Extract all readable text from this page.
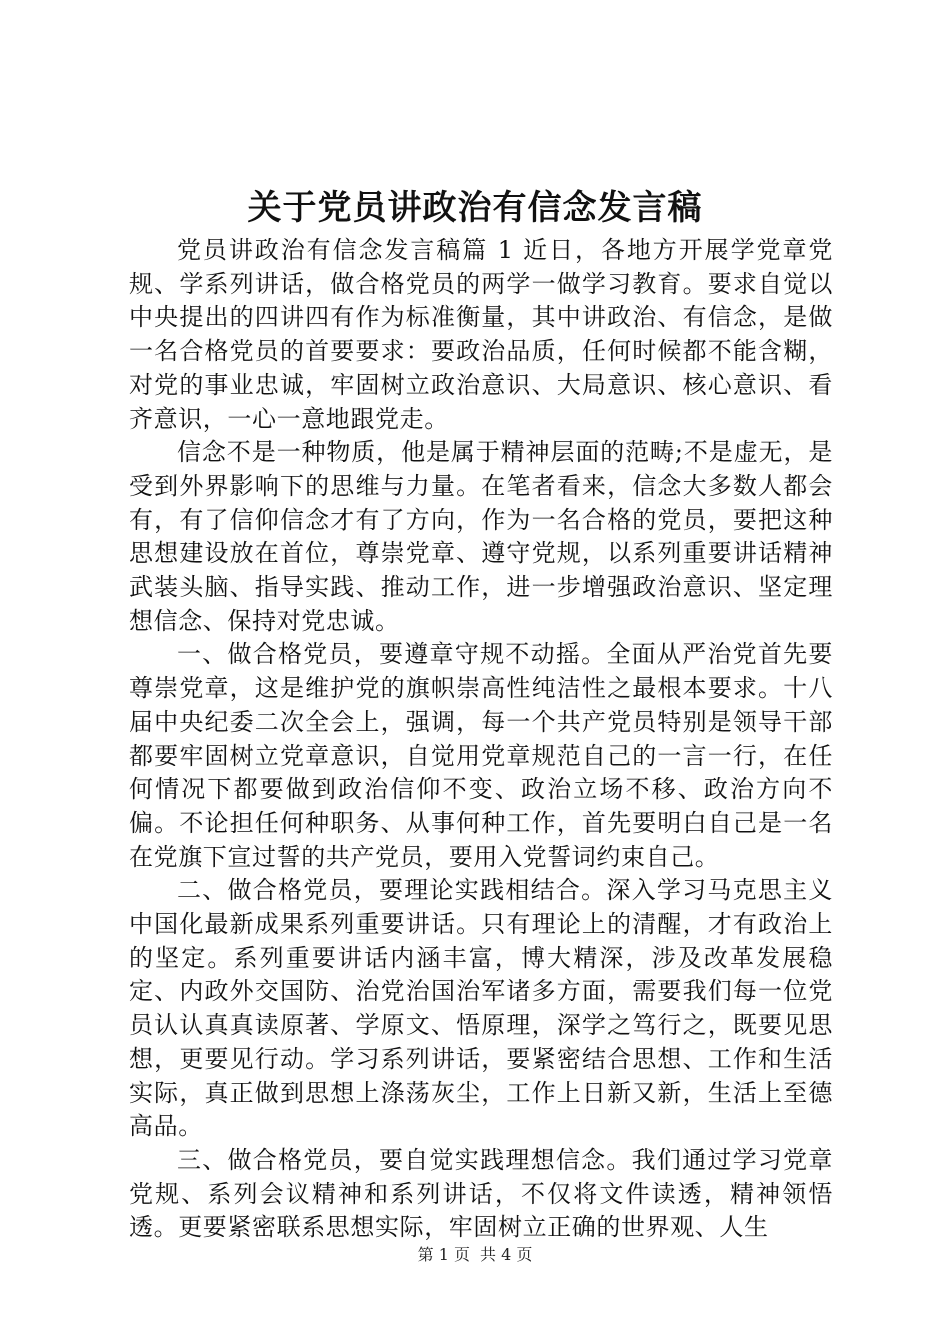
关于党员讲政治有信念发言稿

党员讲政治有信念发言稿篇 1 近日，各地方开展学党章党规、学系列讲话，做合格党员的两学一做学习教育。要求自觉以中央提出的四讲四有作为标准衡量，其中讲政治、有信念，是做一名合格党员的首要要求：要政治品质，任何时候都不能含糊，对党的事业忠诚，牢固树立政治意识、大局意识、核心意识、看齐意识，一心一意地跟党走。

信念不是一种物质，他是属于精神层面的范畴;不是虚无，是受到外界影响下的思维与力量。在笔者看来，信念大多数人都会有，有了信仰信念才有了方向，作为一名合格的党员，要把这种思想建设放在首位，尊崇党章、遵守党规，以系列重要讲话精神武装头脑、指导实践、推动工作，进一步增强政治意识、坚定理想信念、保持对党忠诚。

一、做合格党员，要遵章守规不动摇。全面从严治党首先要尊崇党章，这是维护党的旗帜崇高性纯洁性之最根本要求。十八届中央纪委二次全会上，强调，每一个共产党员特别是领导干部都要牢固树立党章意识，自觉用党章规范自己的一言一行，在任何情况下都要做到政治信仰不变、政治立场不移、政治方向不偏。不论担任何种职务、从事何种工作，首先要明白自己是一名在党旗下宣过誓的共产党员，要用入党誓词约束自己。

二、做合格党员，要理论实践相结合。深入学习马克思主义中国化最新成果系列重要讲话。只有理论上的清醒，才有政治上的坚定。系列重要讲话内涵丰富，博大精深，涉及改革发展稳定、内政外交国防、治党治国治军诸多方面，需要我们每一位党员认认真真读原著、学原文、悟原理，深学之笃行之，既要见思想，更要见行动。学习系列讲话，要紧密结合思想、工作和生活实际，真正做到思想上涤荡灰尘，工作上日新又新，生活上至德高品。

三、做合格党员，要自觉实践理想信念。我们通过学习党章党规、系列会议精神和系列讲话，不仅将文件读透，精神领悟透。更要紧密联系思想实际，牢固树立正确的世界观、人生

第 1 页 共 4 页
